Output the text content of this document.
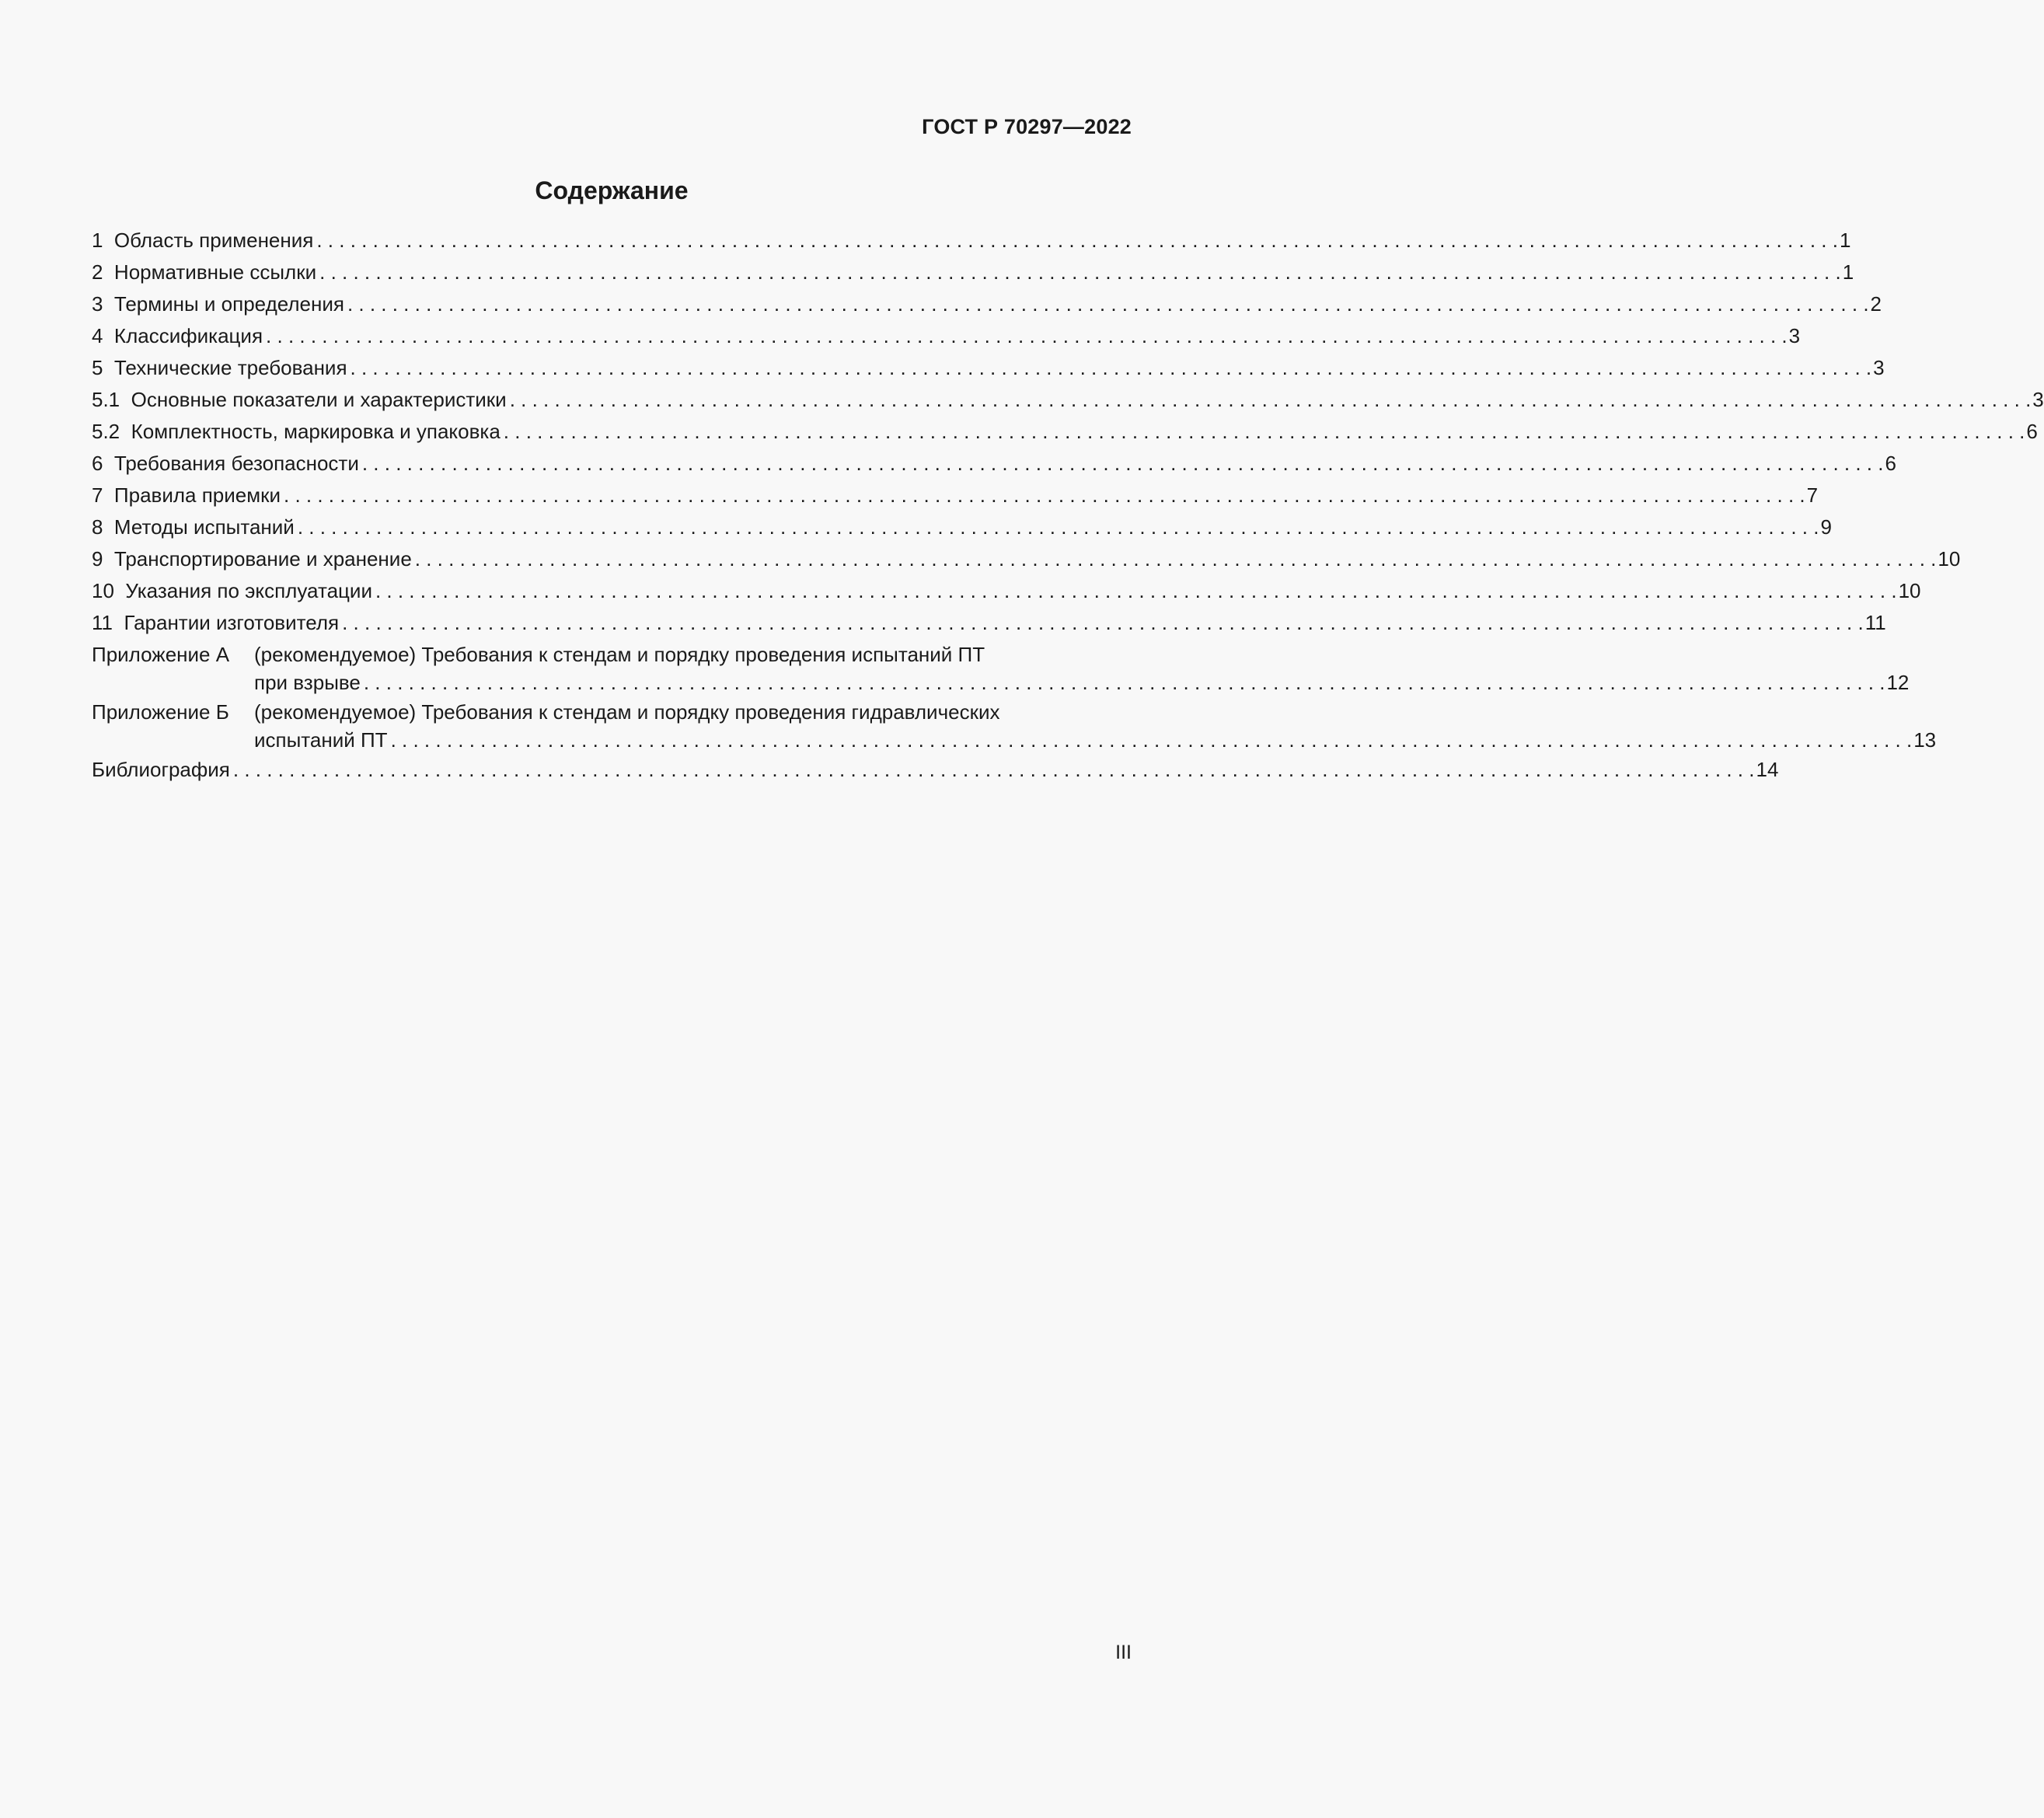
ГОСТ Р 70297—2022
Содержание
1 Область применения . . .	1
2 Нормативные ссылки . . .	1
3 Термины и определения . . .	2
4 Классификация . . .	3
5 Технические требования . . .	3
5.1 Основные показатели и характеристики . . .	3
5.2 Комплектность, маркировка и упаковка . . .	6
6 Требования безопасности . . .	6
7 Правила приемки . . .	7
8 Методы испытаний . . .	9
9 Транспортирование и хранение . . .	10
10 Указания по эксплуатации . . .	10
11 Гарантии изготовителя . . .	11
Приложение А	(рекомендуемое) Требования к стендам и порядку проведения испытаний ПТ
при взрыве . . .	12
Приложение Б	(рекомендуемое) Требования к стендам и порядку проведения гидравлических
испытаний ПТ . . .	13
Библиография . . .	14
III
